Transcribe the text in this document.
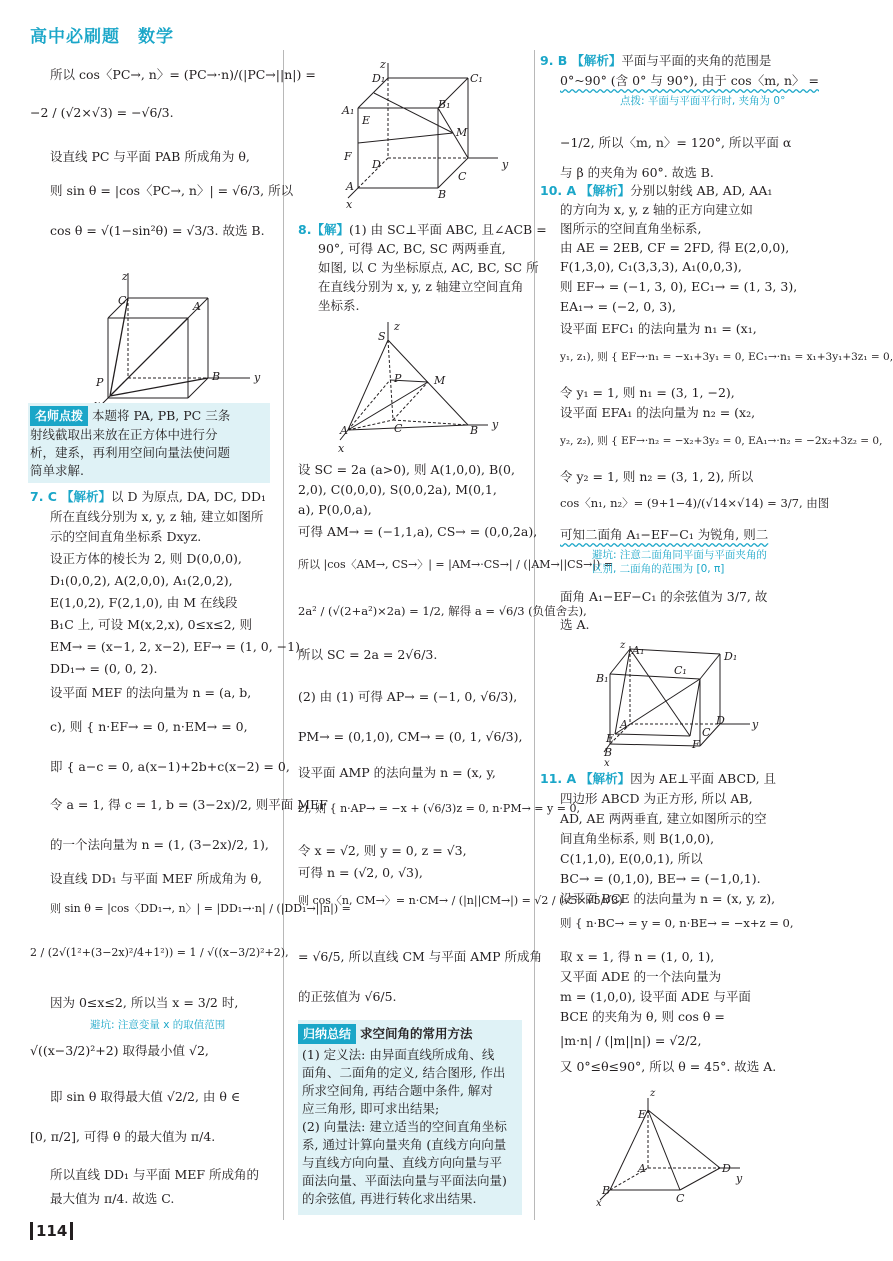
高中必刷题　数学
所以 cos〈PC→, n〉= (PC→·n)/(|PC→||n|) =
−2 / (√2×√3) = −√6/3.
设直线 PC 与平面 PAB 所成角为 θ,
则 sin θ = |cos〈PC→, n〉| = √6/3, 所以
cos θ = √(1−sin²θ) = √3/3. 故选 B.
z
C	A
B
P	y
名师点拨 本题将 PA, PB, PC 三条
射线截取出来放在正方体中进行分
析，建系，再利用空间向量法使问题
简单求解.
7. C 【解析】以 D 为原点, DA, DC, DD₁
所在直线分别为 x, y, z 轴, 建立如图所
示的空间直角坐标系 Dxyz.
设正方体的棱长为 2, 则 D(0,0,0),
D₁(0,0,2), A(2,0,0), A₁(2,0,2),
E(1,0,2), F(2,1,0), 由 M 在线段
B₁C 上, 可设 M(x,2,x), 0≤x≤2, 则
EM→ = (x−1, 2, x−2), EF→ = (1, 0, −1),
DD₁→ = (0, 0, 2).
设平面 MEF 的法向量为 n = (a, b,
c), 则 { n·EF→ = 0, n·EM→ = 0,
即 { a−c = 0, a(x−1)+2b+c(x−2) = 0,
令 a = 1, 得 c = 1, b = (3−2x)/2, 则平面 MEF
的一个法向量为 n = (1, (3−2x)/2, 1),
设直线 DD₁ 与平面 MEF 所成角为 θ,
则 sin θ = |cos〈DD₁→, n〉| = |DD₁→·n| / (|DD₁→||n|) =
2 / (2√(1²+(3−2x)²/4+1²)) = 1 / √((x−3/2)²+2),
因为 0≤x≤2, 所以当 x = 3/2 时,
避坑: 注意变量 x 的取值范围
√((x−3/2)²+2) 取得最小值 √2,
即 sin θ 取得最大值 √2/2, 由 θ ∈
[0, π/2], 可得 θ 的最大值为 π/4.
所以直线 DD₁ 与平面 MEF 所成角的
最大值为 π/4. 故选 C.
z
D₁	C₁
A₁	B₁
M
E
F
D
C
y
A
B
x
8.【解】(1) 由 SC⊥平面 ABC, 且∠ACB =
90°, 可得 AC, BC, SC 两两垂直,
如图, 以 C 为坐标原点, AC, BC, SC 所
在直线分别为 x, y, z 轴建立空间直角
坐标系.
z
S
P	M
A	C	B y
x
设 SC = 2a (a>0), 则 A(1,0,0), B(0,
2,0), C(0,0,0), S(0,0,2a), M(0,1,
a), P(0,0,a),
可得 AM→ = (−1,1,a), CS→ = (0,0,2a),
所以 |cos〈AM→, CS→〉| = |AM→·CS→| / (|AM→||CS→|) =
2a² / (√(2+a²)×2a) = 1/2, 解得 a = √6/3 (负值舍去),
所以 SC = 2a = 2√6/3.
(2) 由 (1) 可得 AP→ = (−1, 0, √6/3),
PM→ = (0,1,0), CM→ = (0, 1, √6/3),
设平面 AMP 的法向量为 n = (x, y,
z), 则 { n·AP→ = −x + (√6/3)z = 0, n·PM→ = y = 0,
令 x = √2, 则 y = 0, z = √3,
可得 n = (√2, 0, √3),
则 cos〈n, CM→〉= n·CM→ / (|n||CM→|) = √2 / (√5×√5/√3)
= √6/5, 所以直线 CM 与平面 AMP 所成角
的正弦值为 √6/5.
归纳总结 求空间角的常用方法
(1) 定义法: 由异面直线所成角、线
面角、二面角的定义, 结合图形, 作出
所求空间角, 再结合题中条件, 解对
应三角形, 即可求出结果;
(2) 向量法: 建立适当的空间直角坐标
系, 通过计算向量夹角 (直线方向向量
与直线方向向量、直线方向向量与平
面法向量、平面法向量与平面法向量)
的余弦值, 再进行转化求出结果.
9. B 【解析】平面与平面的夹角的范围是
0°~90° (含 0° 与 90°), 由于 cos〈m, n〉 =
点拨: 平面与平面平行时, 夹角为 0°
−1/2, 所以〈m, n〉= 120°, 所以平面 α
与 β 的夹角为 60°. 故选 B.
10. A 【解析】分别以射线 AB, AD, AA₁
的方向为 x, y, z 轴的正方向建立如
图所示的空间直角坐标系,
由 AE = 2EB, CF = 2FD, 得 E(2,0,0),
F(1,3,0), C₁(3,3,3), A₁(0,0,3),
则 EF→ = (−1, 3, 0), EC₁→ = (1, 3, 3),
EA₁→ = (−2, 0, 3),
设平面 EFC₁ 的法向量为 n₁ = (x₁,
y₁, z₁), 则 { EF→·n₁ = −x₁+3y₁ = 0, EC₁→·n₁ = x₁+3y₁+3z₁ = 0,
令 y₁ = 1, 则 n₁ = (3, 1, −2),
设平面 EFA₁ 的法向量为 n₂ = (x₂,
y₂, z₂), 则 { EF→·n₂ = −x₂+3y₂ = 0, EA₁→·n₂ = −2x₂+3z₂ = 0,
令 y₂ = 1, 则 n₂ = (3, 1, 2), 所以
cos〈n₁, n₂〉= (9+1−4)/(√14×√14) = 3/7, 由图
可知二面角 A₁−EF−C₁ 为锐角, 则二
避坑: 注意二面角同平面与平面夹角的区别, 二面角的范围为 [0, π]
面角 A₁−EF−C₁ 的余弦值为 3/7, 故
选 A.
z A₁	D₁
B₁
C₁
A
E
B
F
C
D y
x
11. A 【解析】因为 AE⊥平面 ABCD, 且
四边形 ABCD 为正方形, 所以 AB,
AD, AE 两两垂直, 建立如图所示的空
间直角坐标系, 则 B(1,0,0),
C(1,1,0), E(0,0,1), 所以
BC→ = (0,1,0), BE→ = (−1,0,1).
设平面 BCE 的法向量为 n = (x, y, z),
则 { n·BC→ = y = 0, n·BE→ = −x+z = 0,
取 x = 1, 得 n = (1, 0, 1),
又平面 ADE 的一个法向量为
m = (1,0,0), 设平面 ADE 与平面
BCE 的夹角为 θ, 则 cos θ =
|m·n| / (|m||n|) = √2/2,
又 0°≤θ≤90°, 所以 θ = 45°. 故选 A.
z
E
A	D
y
B
C
x
114
